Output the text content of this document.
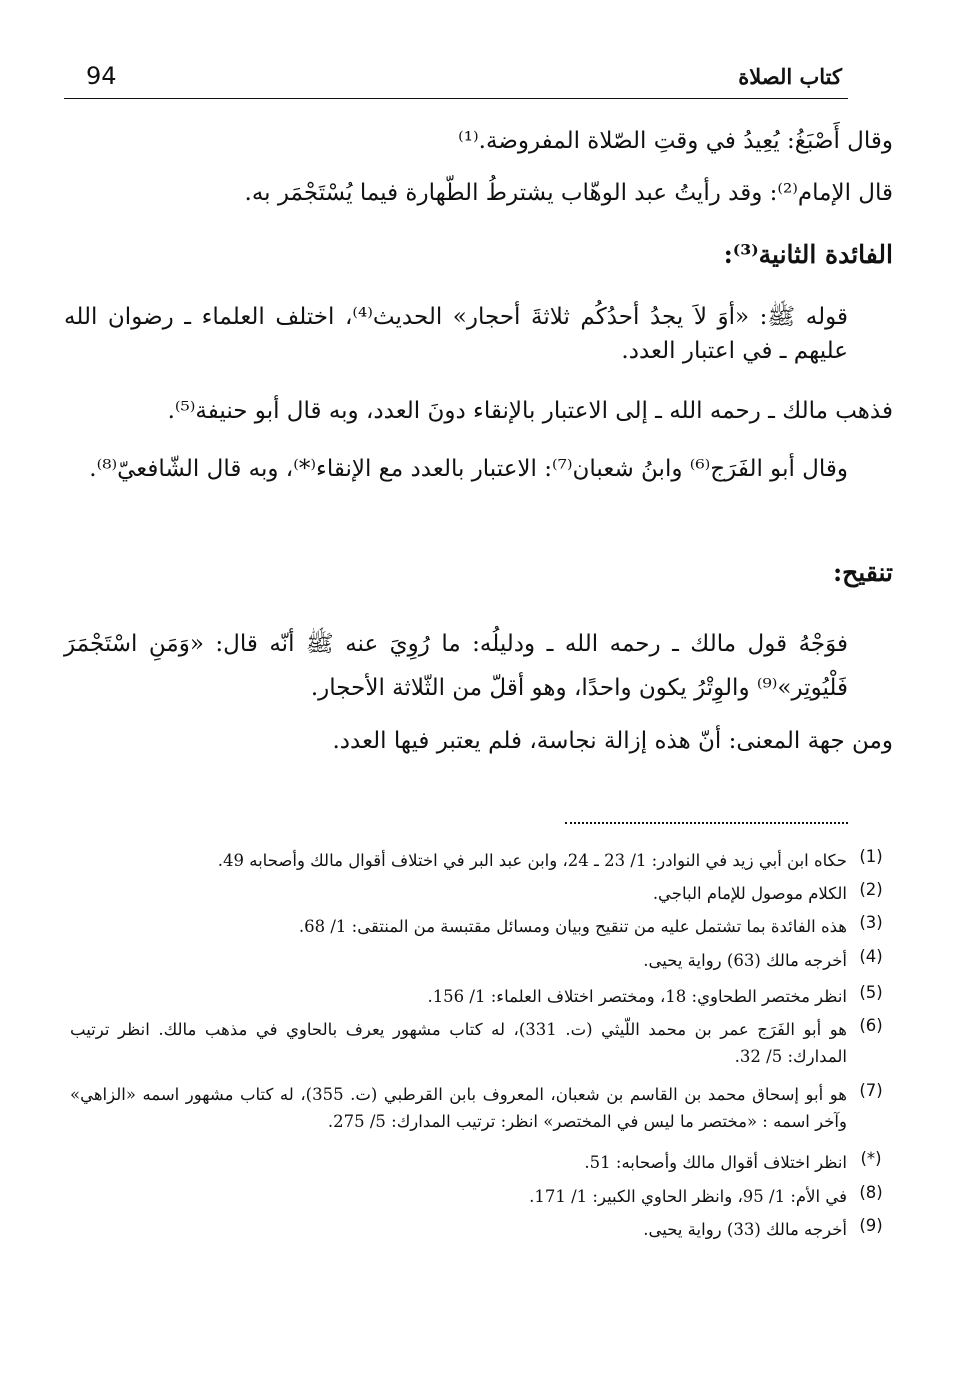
كتاب الصلاة
94
وقال أَصْبَغُ: يُعِيدُ في وقتِ الصّلاة المفروضة.⁽¹⁾
قال الإمام⁽²⁾: وقد رأيتُ عبد الوهّاب يشترطُ الطّهارة فيما يُسْتَجْمَر به.
الفائدة الثانية⁽³⁾:
قوله ﷺ: «أوَ لاَ يجدُ أحدُكُم ثلاثةَ أحجار» الحديث⁽⁴⁾، اختلف العلماء ـ رضوان الله عليهم ـ في اعتبار العدد.
فذهب مالك ـ رحمه الله ـ إلى الاعتبار بالإنقاء دونَ العدد، وبه قال أبو حنيفة⁽⁵⁾.
وقال أبو الفَرَج⁽⁶⁾ وابنُ شعبان⁽⁷⁾: الاعتبار بالعدد مع الإنقاء⁽*⁾، وبه قال الشّافعيّ⁽⁸⁾.
تنقيح:
فوَجْهُ قول مالك ـ رحمه الله ـ ودليلُه: ما رُوِيَ عنه ﷺ أنّه قال: «وَمَنِ اسْتَجْمَرَ فَلْيُوتِر»⁽⁹⁾ والوِتْرُ يكون واحدًا، وهو أقلّ من الثّلاثة الأحجار.
ومن جهة المعنى: أنّ هذه إزالة نجاسة، فلم يعتبر فيها العدد.
(1)
حكاه ابن أبي زيد في النوادر: 1/ 23 ـ 24، وابن عبد البر في اختلاف أقوال مالك وأصحابه 49.
(2)
الكلام موصول للإمام الباجي.
(3)
هذه الفائدة بما تشتمل عليه من تنقيح وبيان ومسائل مقتبسة من المنتقى: 1/ 68.
(4)
أخرجه مالك (63) رواية يحيى.
(5)
انظر مختصر الطحاوي: 18، ومختصر اختلاف العلماء: 1/ 156.
(6)
هو أبو الفَرَج عمر بن محمد اللّيثي (ت. 331)، له كتاب مشهور يعرف بالحاوي في مذهب مالك. انظر ترتيب المدارك: 5/ 32.
(7)
هو أبو إسحاق محمد بن القاسم بن شعبان، المعروف بابن القرطبي (ت. 355)، له كتاب مشهور اسمه «الزاهي» وآخر اسمه : «مختصر ما ليس في المختصر» انظر: ترتيب المدارك: 5/ 275.
(*)
انظر اختلاف أقوال مالك وأصحابه: 51.
(8)
في الأم: 1/ 95، وانظر الحاوي الكبير: 1/ 171.
(9)
أخرجه مالك (33) رواية يحيى.
